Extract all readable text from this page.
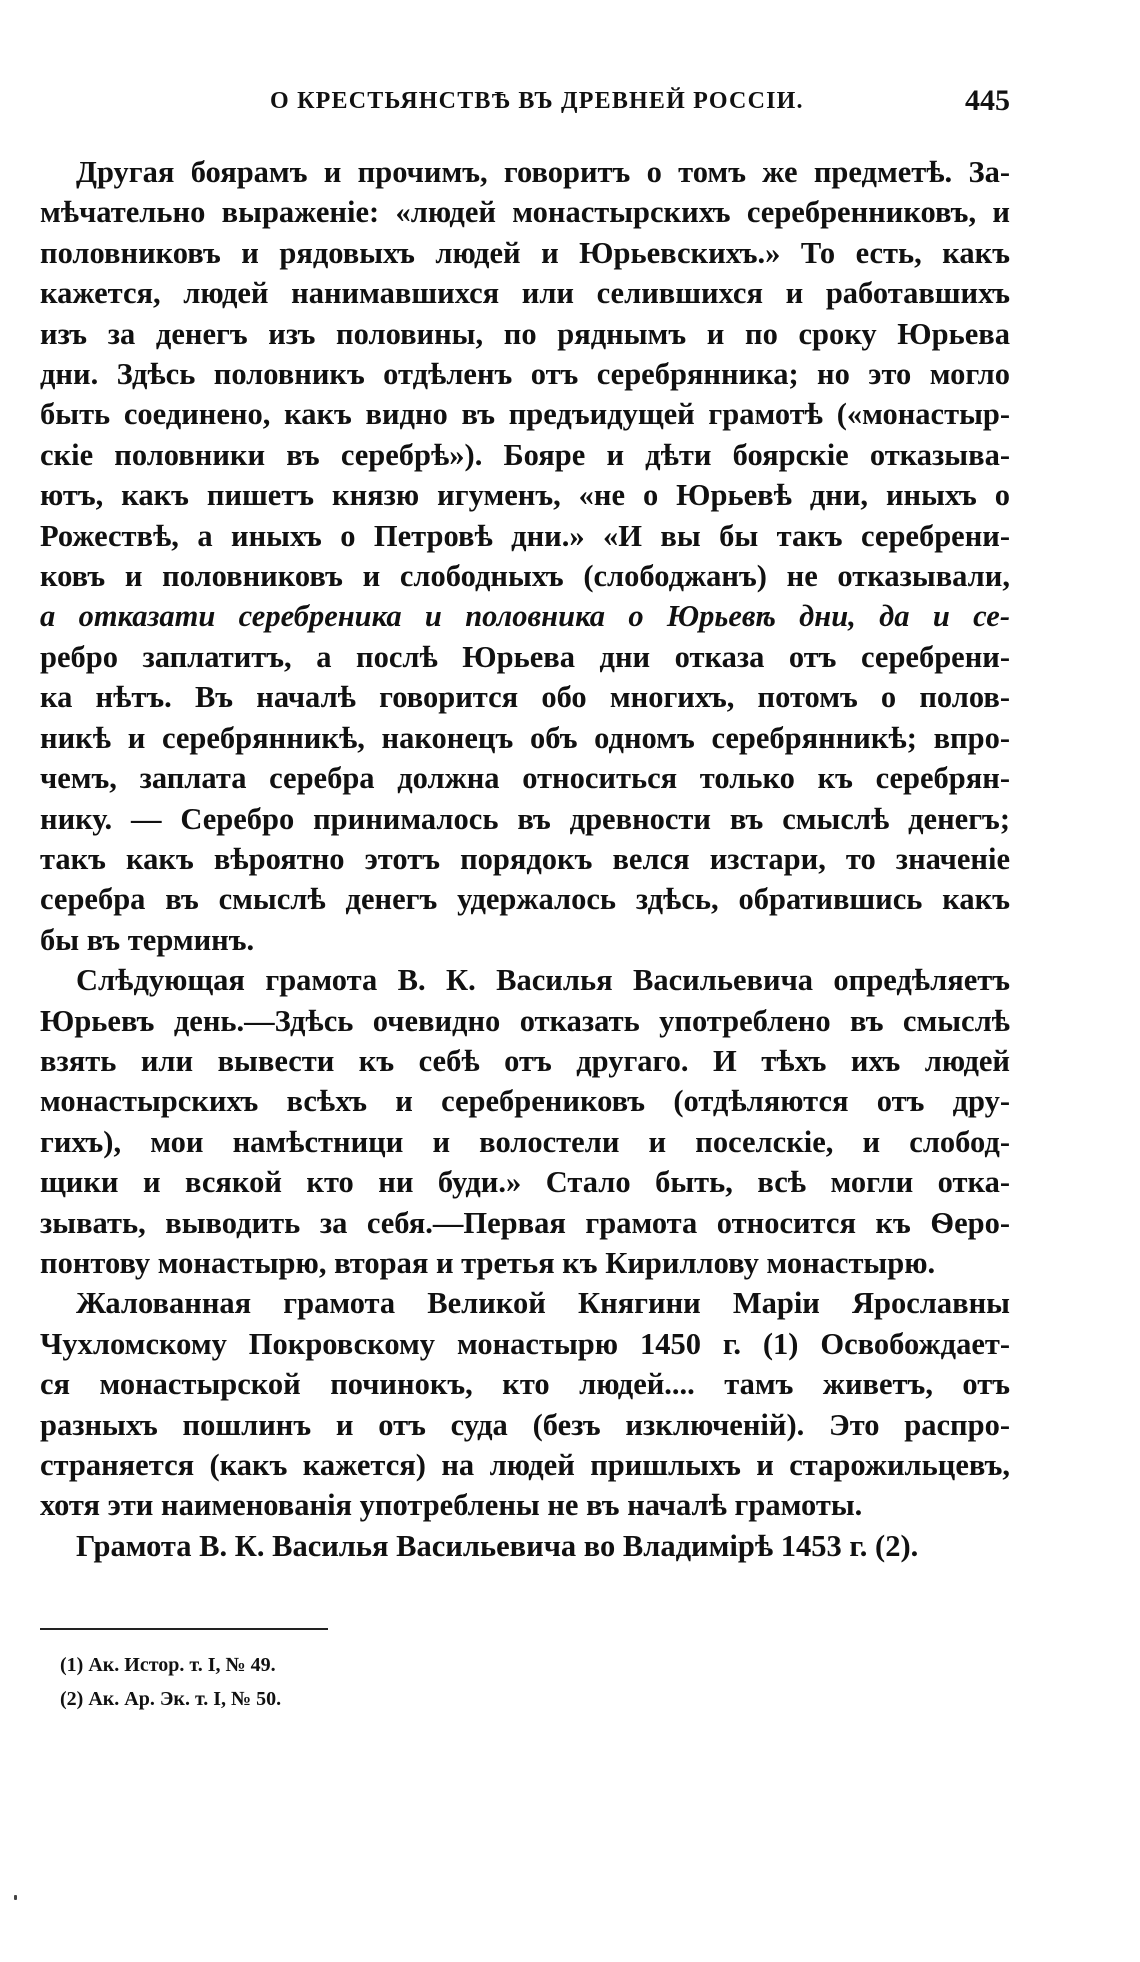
О КРЕСТЬЯНСТВѢ ВЪ ДРЕВНЕЙ РОССІИ.	445
Другая боярамъ и прочимъ, говоритъ о томъ же предметѣ. За-
мѣчательно выраженіе: «людей монастырскихъ серебренниковъ, и
половниковъ и рядовыхъ людей и Юрьевскихъ.» То есть, какъ
кажется, людей нанимавшихся или селившихся и работавшихъ
изъ за денегъ изъ половины, по ряднымъ и по сроку Юрьева
дни. Здѣсь половникъ отдѣленъ отъ серебрянника; но это могло
быть соединено, какъ видно въ предъидущей грамотѣ («монастыр-
скіе половники въ серебрѣ»). Бояре и дѣти боярскіе отказыва-
ютъ, какъ пишетъ князю игуменъ, «не о Юрьевѣ дни, иныхъ о
Рожествѣ, а иныхъ о Петровѣ дни.» «И вы бы такъ серебрени-
ковъ и половниковъ и слободныхъ (слободжанъ) не отказывали,
а отказати серебреника и половника о Юрьевѣ дни, да и се-
ребро заплатитъ, а послѣ Юрьева дни отказа отъ серебрени-
ка нѣтъ. Въ началѣ говорится обо многихъ, потомъ о полов-
никѣ и серебрянникѣ, наконецъ объ одномъ серебрянникѣ; впро-
чемъ, заплата серебра должна относиться только къ серебрян-
нику. — Серебро принималось въ древности въ смыслѣ денегъ;
такъ какъ вѣроятно этотъ порядокъ велся изстари, то значеніе
серебра въ смыслѣ денегъ удержалось здѣсь, обратившись какъ
бы въ терминъ.
Слѣдующая грамота В. К. Василья Васильевича опредѣляетъ
Юрьевъ день.—Здѣсь очевидно отказать употреблено въ смыслѣ
взять или вывести къ себѣ отъ другаго. И тѣхъ ихъ людей
монастырскихъ всѣхъ и серебрениковъ (отдѣляются отъ дру-
гихъ), мои намѣстници и волостели и поселскіе, и слобод-
щики и всякой кто ни буди.» Стало быть, всѣ могли отка-
зывать, выводить за себя.—Первая грамота относится къ Ѳеро-
понтову монастырю, вторая и третья къ Кириллову монастырю.
Жалованная грамота Великой Княгини Маріи Ярославны
Чухломскому Покровскому монастырю 1450 г. (1) Освобождает-
ся монастырской починокъ, кто людей.... тамъ живетъ, отъ
разныхъ пошлинъ и отъ суда (безъ изключеній). Это распро-
страняется (какъ кажется) на людей пришлыхъ и старожильцевъ,
хотя эти наименованія употреблены не въ началѣ грамоты.
Грамота В. К. Василья Васильевича во Владимірѣ 1453 г. (2).
(1) Ак. Истор. т. I, № 49.
(2) Ак. Ар. Эк. т. I, № 50.
